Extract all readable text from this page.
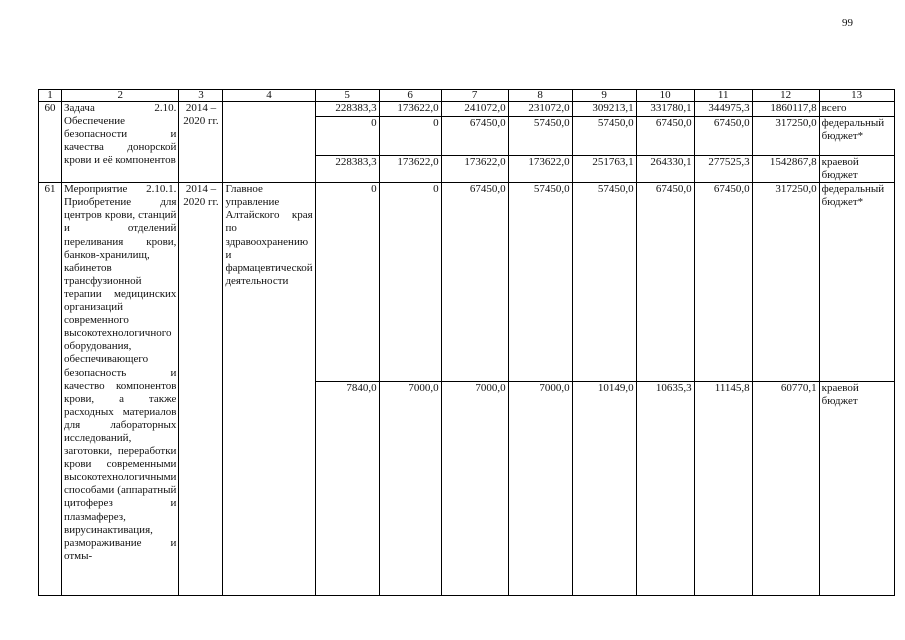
99
1	2	3	4	5	6	7	8	9	10	11	12	13
60	Задача 2.10. Обеспечение безопасности и качества донорской крови и её компонентов	2014 – 2020 гг.		228383,3	173622,0	241072,0	231072,0	309213,1	331780,1	344975,3	1860117,8	всего
				0	0	67450,0	57450,0	57450,0	67450,0	67450,0	317250,0	федеральный бюджет*
				228383,3	173622,0	173622,0	173622,0	251763,1	264330,1	277525,3	1542867,8	краевой бюджет
61	Мероприятие 2.10.1. Приобретение для центров крови, станций и отделений переливания крови, банков-хранилищ, кабинетов трансфузионной терапии медицинских организаций современного высокотехнологичного оборудования, обеспечивающего безопасность и качество компонентов крови, а также расходных материалов для лабораторных исследований, заготовки, переработки крови современными высокотехнологичными способами (аппаратный цитоферез и плазмаферез, вирусинактивация, размораживание и отмы-	2014 – 2020 гг.	Главное управление Алтайского края по здравоохранению и фармацевтической деятельности	0	0	67450,0	57450,0	57450,0	67450,0	67450,0	317250,0	федеральный бюджет*
				7840,0	7000,0	7000,0	7000,0	10149,0	10635,3	11145,8	60770,1	краевой бюджет
